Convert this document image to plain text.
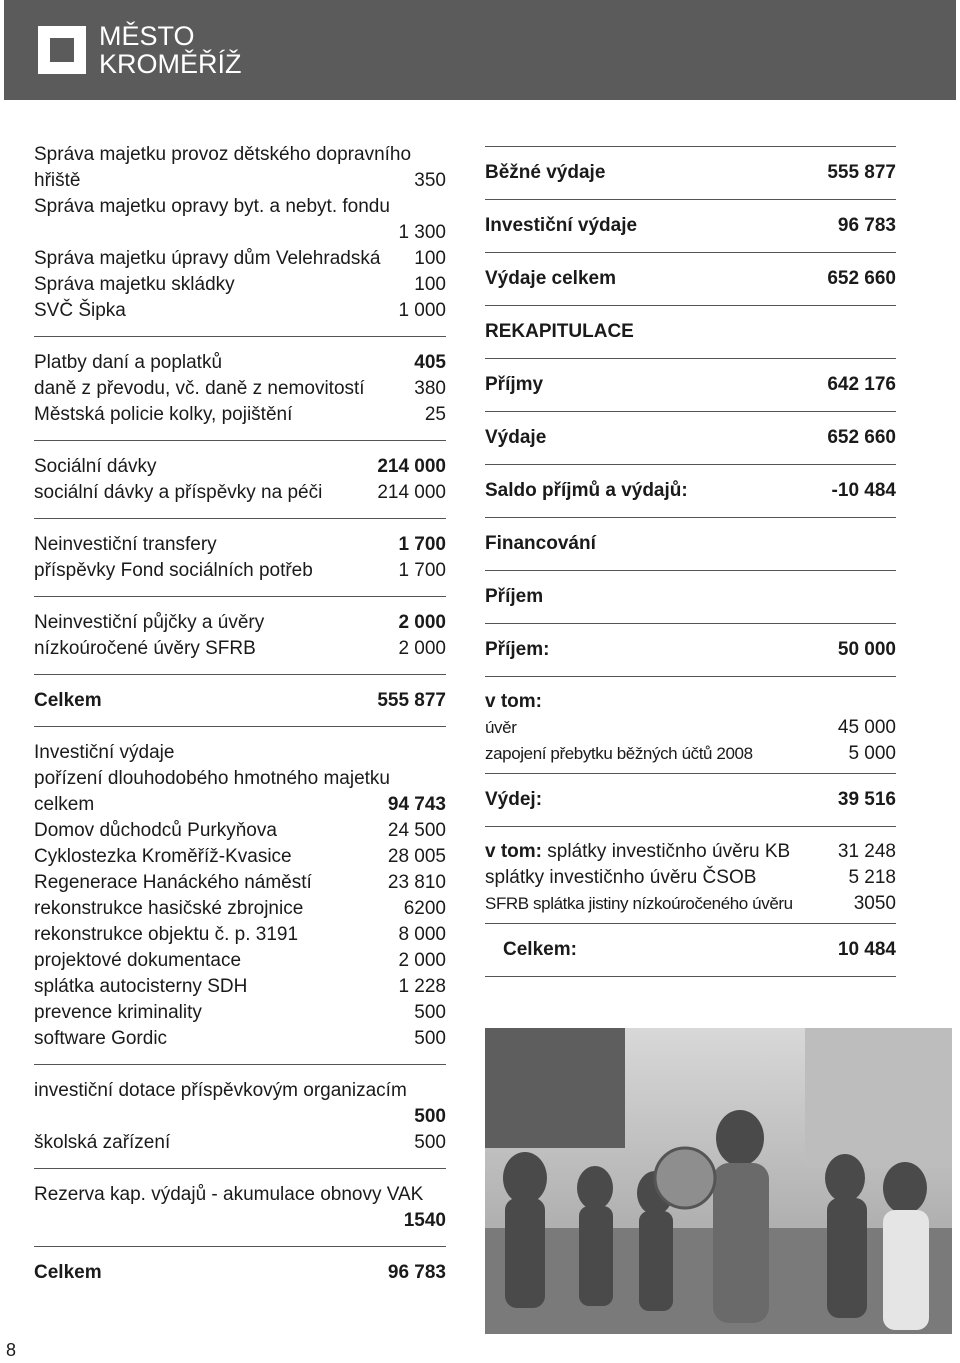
MĚSTO
KROMĚŘÍŽ
Správa majetku provoz dětského dopravního
hřiště	350
Správa majetku opravy byt. a nebyt. fondu
1 300
Správa majetku úpravy dům Velehradská 100
Správa majetku skládky	100
SVČ Šipka	1 000
Platby daní a poplatků	405
daně z převodu, vč. daně z nemovitostí	380
Městská policie kolky, pojištění	25
Sociální dávky	214 000
sociální dávky a příspěvky na péči	214 000
Neinvestiční transfery	1 700
příspěvky Fond sociálních potřeb	1 700
Neinvestiční půjčky a úvěry	2 000
nízkoúročené úvěry SFRB	2 000
Celkem	555 877
Investiční výdaje
pořízení dlouhodobého hmotného majetku
celkem	94 743
Domov důchodců Purkyňova	24 500
Cyklostezka Kroměříž-Kvasice	28 005
Regenerace Hanáckého náměstí	23 810
rekonstrukce hasičské zbrojnice	6200
rekonstrukce objektu č. p. 3191	8 000
projektové dokumentace	2 000
splátka autocisterny SDH	1 228
prevence kriminality	500
software Gordic	500
investiční dotace příspěvkovým organizacím
500
školská zařízení	500
Rezerva kap. výdajů - akumulace obnovy VAK
1540
Celkem	96 783
Běžné výdaje	555 877
Investiční výdaje	96 783
Výdaje celkem	652 660
REKAPITULACE
Příjmy	642 176
Výdaje	652 660
Saldo příjmů a výdajů:	-10 484
Financování
Příjem
Příjem:	50 000
v tom:
úvěr	45 000
zapojení přebytku běžných účtů 2008	5 000
Výdej:	39 516
v tom: splátky investičnho úvěru KB	31 248
splátky investičnho úvěru ČSOB	5 218
SFRB splátka jistiny nízkoúročeného úvěru	3050
Celkem:	10 484
8
